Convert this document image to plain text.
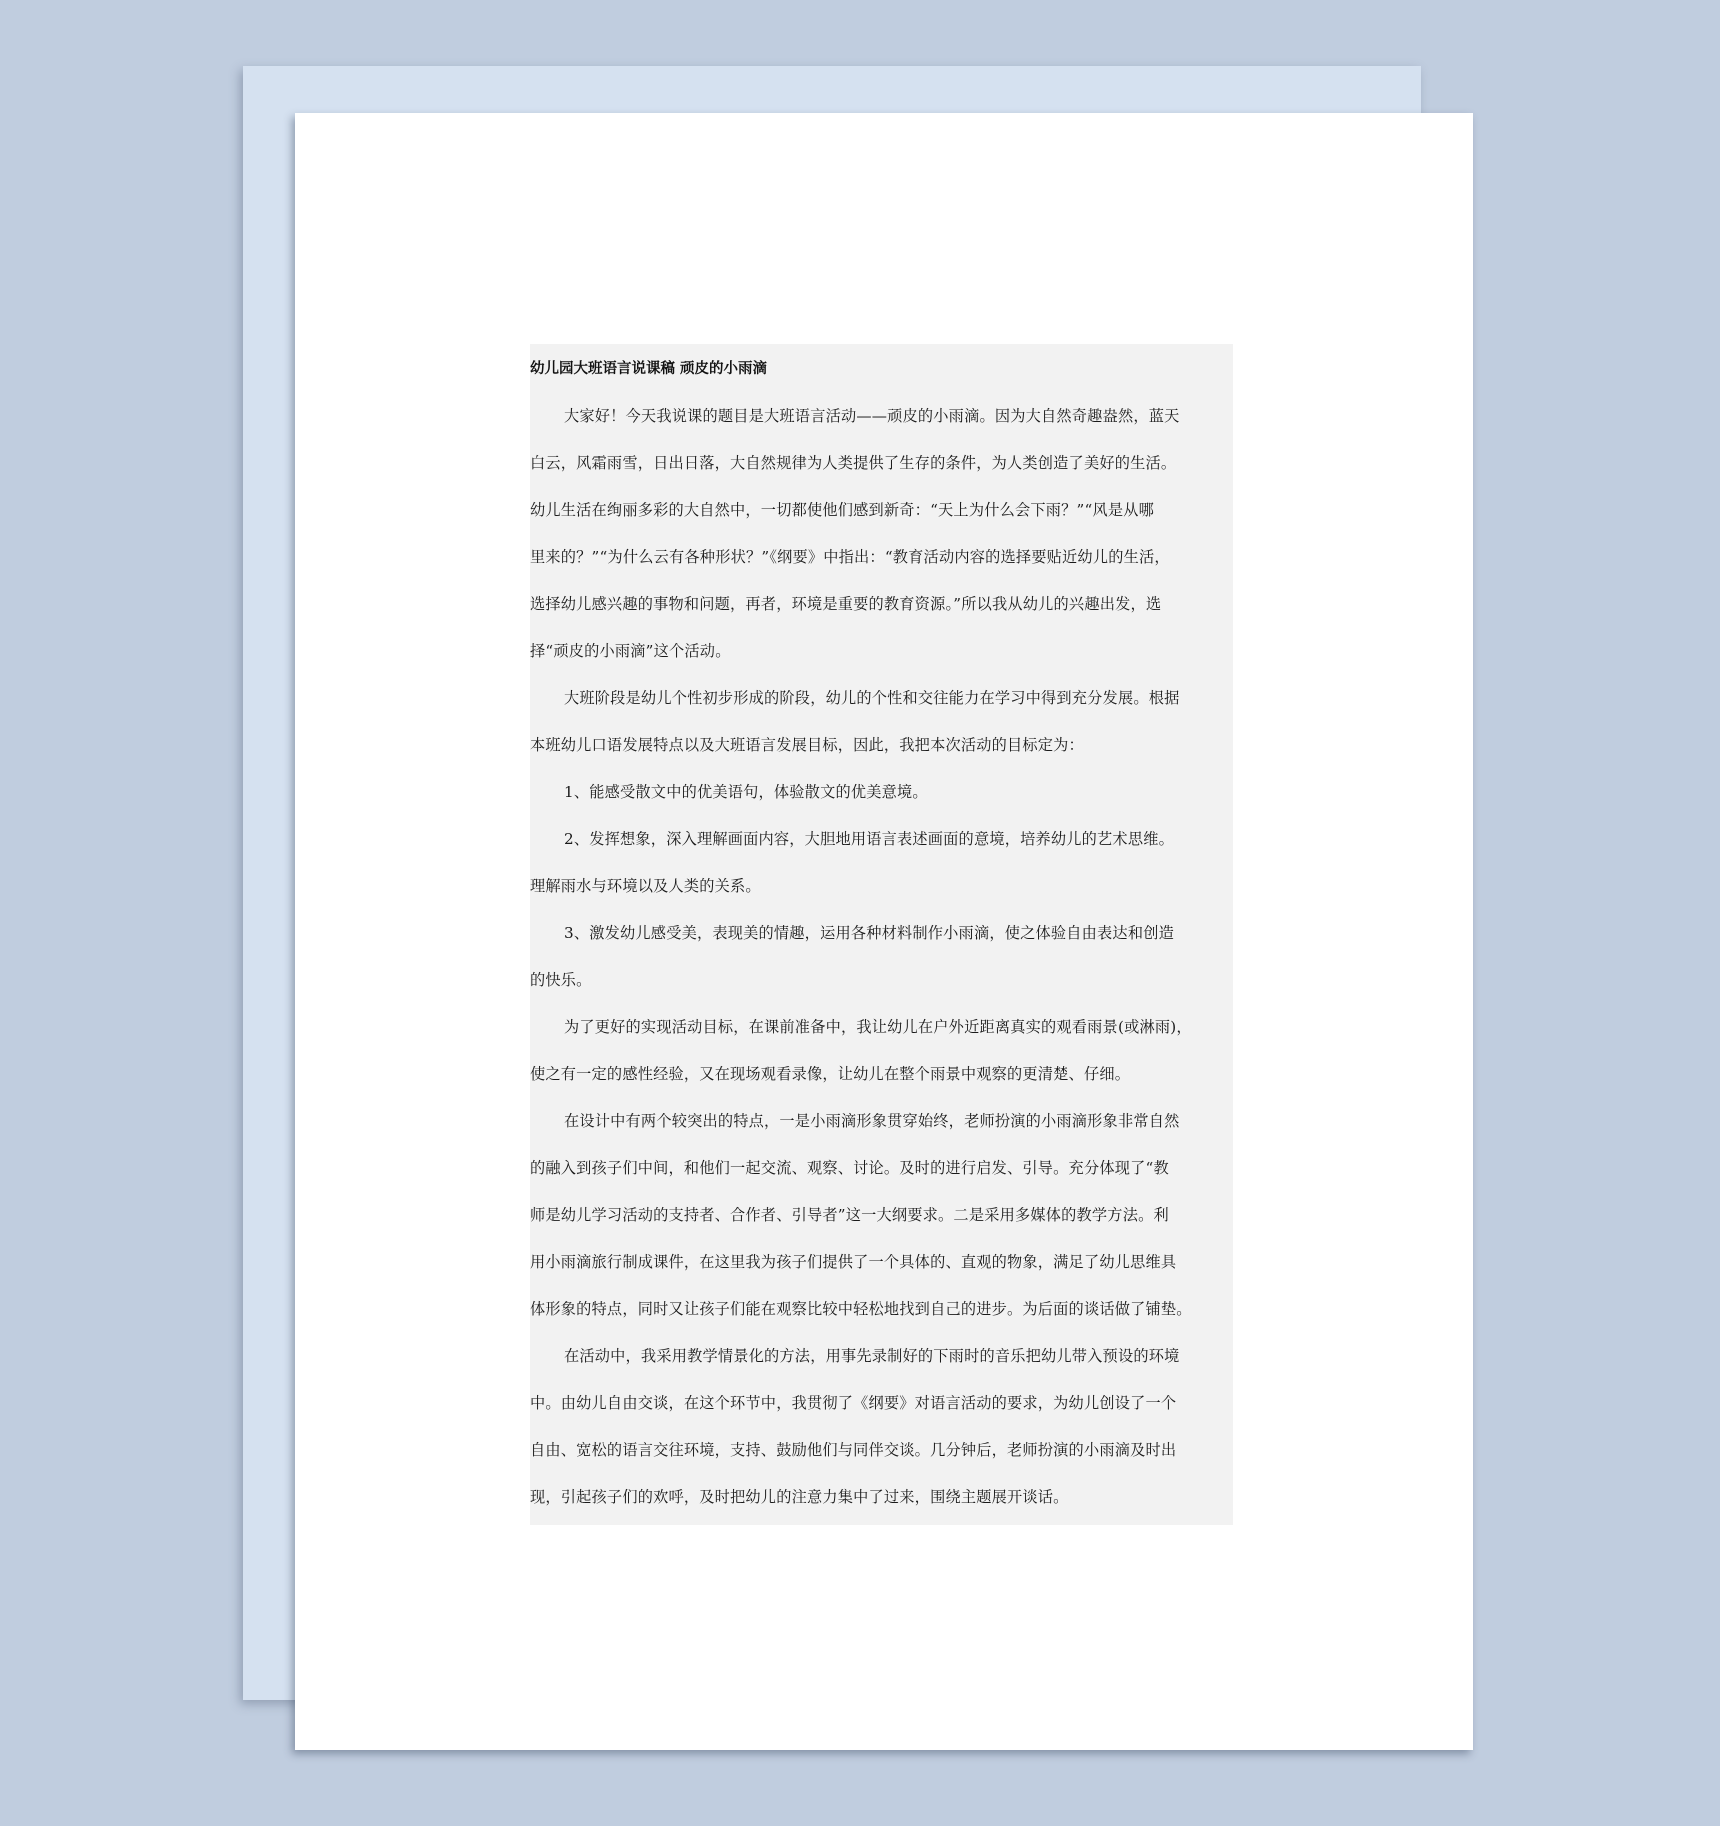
幼儿园大班语言说课稿 顽皮的小雨滴
大家好！今天我说课的题目是大班语言活动——顽皮的小雨滴。因为大自然奇趣盎然，蓝天
白云，风霜雨雪，日出日落，大自然规律为人类提供了生存的条件，为人类创造了美好的生活。
幼儿生活在绚丽多彩的大自然中，一切都使他们感到新奇：“天上为什么会下雨？”“风是从哪
里来的？”“为什么云有各种形状？”《纲要》中指出：“教育活动内容的选择要贴近幼儿的生活，
选择幼儿感兴趣的事物和问题，再者，环境是重要的教育资源。”所以我从幼儿的兴趣出发，选
择“顽皮的小雨滴”这个活动。
大班阶段是幼儿个性初步形成的阶段，幼儿的个性和交往能力在学习中得到充分发展。根据
本班幼儿口语发展特点以及大班语言发展目标，因此，我把本次活动的目标定为：
1、能感受散文中的优美语句，体验散文的优美意境。
2、发挥想象，深入理解画面内容，大胆地用语言表述画面的意境，培养幼儿的艺术思维。
理解雨水与环境以及人类的关系。
3、激发幼儿感受美，表现美的情趣，运用各种材料制作小雨滴，使之体验自由表达和创造
的快乐。
为了更好的实现活动目标，在课前准备中，我让幼儿在户外近距离真实的观看雨景(或淋雨)，
使之有一定的感性经验，又在现场观看录像，让幼儿在整个雨景中观察的更清楚、仔细。
在设计中有两个较突出的特点，一是小雨滴形象贯穿始终，老师扮演的小雨滴形象非常自然
的融入到孩子们中间，和他们一起交流、观察、讨论。及时的进行启发、引导。充分体现了“教
师是幼儿学习活动的支持者、合作者、引导者”这一大纲要求。二是采用多媒体的教学方法。利
用小雨滴旅行制成课件，在这里我为孩子们提供了一个具体的、直观的物象，满足了幼儿思维具
体形象的特点，同时又让孩子们能在观察比较中轻松地找到自己的进步。为后面的谈话做了铺垫。
在活动中，我采用教学情景化的方法，用事先录制好的下雨时的音乐把幼儿带入预设的环境
中。由幼儿自由交谈，在这个环节中，我贯彻了《纲要》对语言活动的要求，为幼儿创设了一个
自由、宽松的语言交往环境，支持、鼓励他们与同伴交谈。几分钟后，老师扮演的小雨滴及时出
现，引起孩子们的欢呼，及时把幼儿的注意力集中了过来，围绕主题展开谈话。
